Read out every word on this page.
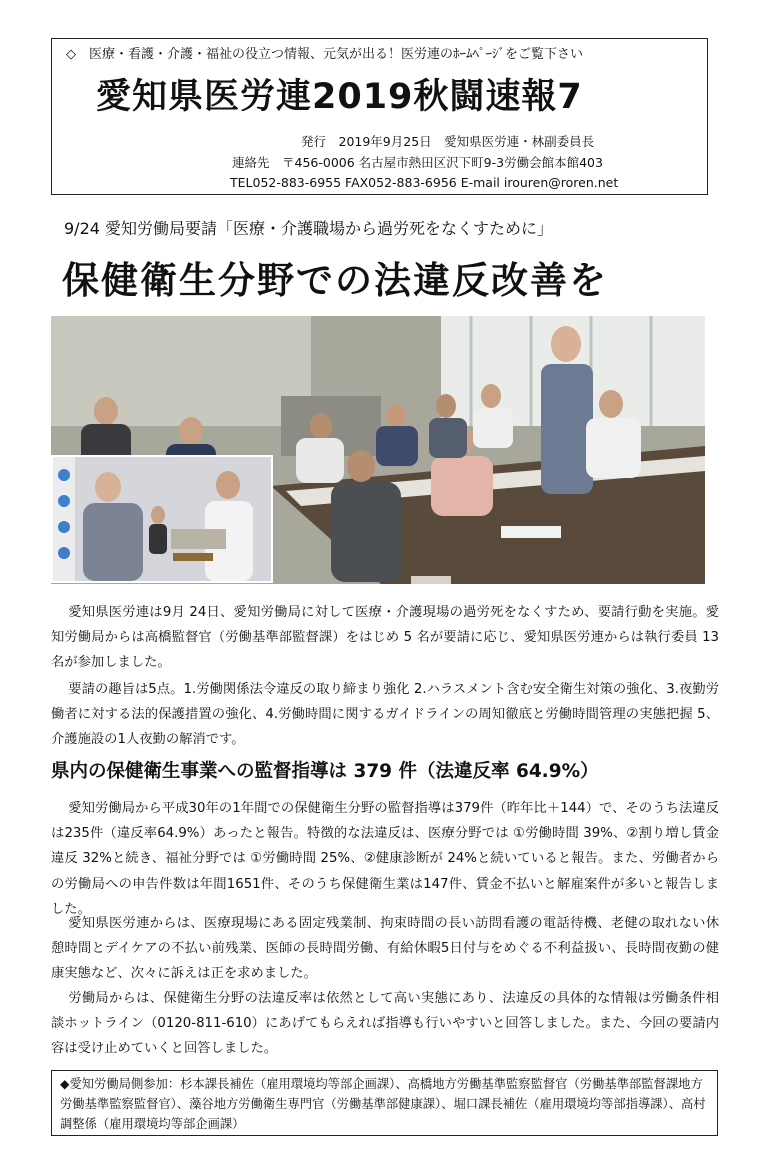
◇　医療・看護・介護・福祉の役立つ情報、元気が出る！医労連のﾎｰﾑﾍﾟｰｼﾞをご覧下さい
愛知県医労連2019秋闘速報7
発行　2019年9月25日　愛知県医労連・林副委員長
連絡先　〒456-0006 名古屋市熱田区沢下町9-3労働会館本館403
TEL052-883-6955 FAX052-883-6956 E-mail irouren@roren.net
9/24 愛知労働局要請「医療・介護職場から過労死をなくすために」
保健衛生分野での法違反改善を

愛知県医労連は9月 24日、愛知労働局に対して医療・介護現場の過労死をなくすため、要請行動を実施。愛知労働局からは高橋監督官（労働基準部監督課）をはじめ 5 名が要請に応じ、愛知県医労連からは執行委員 13名が参加しました。

要請の趣旨は5点。1.労働関係法令違反の取り締まり強化 2.ハラスメント含む安全衛生対策の強化、3.夜勤労働者に対する法的保護措置の強化、4.労働時間に関するガイドラインの周知徹底と労働時間管理の実態把握 5、介護施設の1人夜勤の解消です。

県内の保健衛生事業への監督指導は 379 件（法違反率 64.9%）

愛知労働局から平成30年の1年間での保健衛生分野の監督指導は379件（昨年比＋144）で、そのうち法違反は235件（違反率64.9%）あったと報告。特徴的な法違反は、医療分野では ①労働時間 39%、②割り増し賃金違反 32%と続き、福祉分野では ①労働時間 25%、②健康診断が 24%と続いていると報告。また、労働者からの労働局への申告件数は年間1651件、そのうち保健衛生業は147件、賃金不払いと解雇案件が多いと報告しました。

愛知県医労連からは、医療現場にある固定残業制、拘束時間の長い訪問看護の電話待機、老健の取れない休憩時間とデイケアの不払い前残業、医師の長時間労働、有給休暇5日付与をめぐる不利益扱い、長時間夜勤の健康実態など、次々に訴えは正を求めました。

労働局からは、保健衛生分野の法違反率は依然として高い実態にあり、法違反の具体的な情報は労働条件相談ホットライン（0120-811-610）にあげてもらえれば指導も行いやすいと回答しました。また、今回の要請内容は受け止めていくと回答しました。

◆愛知労働局側参加：杉本課長補佐（雇用環境均等部企画課）、高橋地方労働基準監察監督官（労働基準部監督課地方労働基準監察監督官）、藻谷地方労働衛生専門官（労働基準部健康課）、堀口課長補佐（雇用環境均等部指導課）、高村調整係（雇用環境均等部企画課）
